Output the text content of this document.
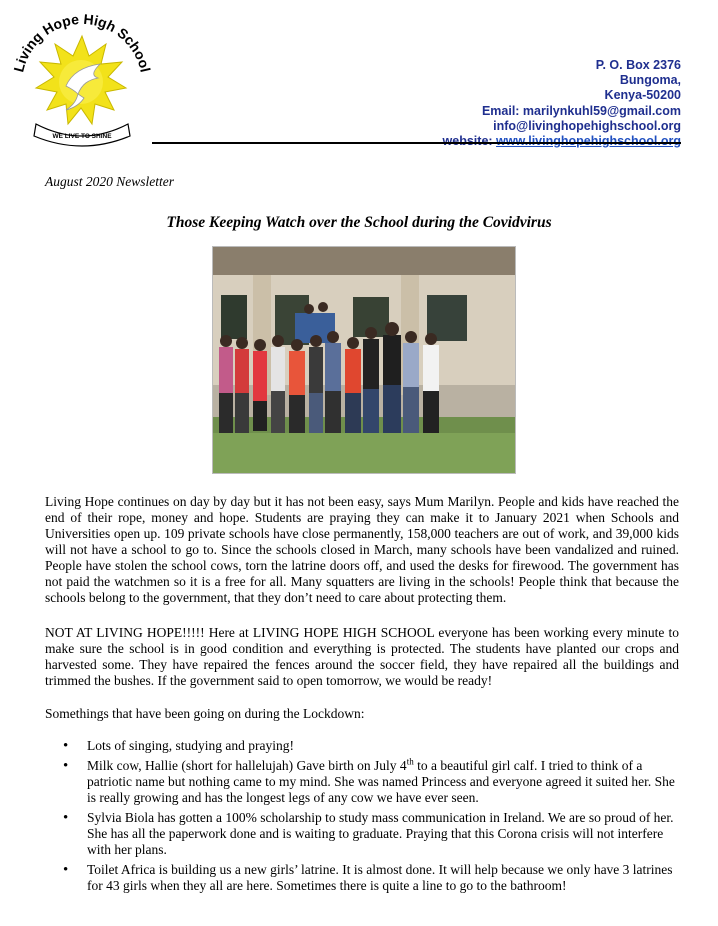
Living Hope High School
WE LIVE TO SHINE
P. O. Box 2376
Bungoma,
Kenya-50200
Email: marilynkuhl59@gmail.com
info@livinghopehighschool.org
August 2020 Newsletter
Those Keeping Watch over the School during the Covidvirus

Living Hope continues on day by day but it has not been easy, says Mum Marilyn. People and kids have reached the end of their rope, money and hope. Students are praying they can make it to January 2021 when Schools and Universities open up. 109 private schools have close permanently, 158,000 teachers are out of work, and 39,000 kids will not have a school to go to. Since the schools closed in March, many schools have been vandalized and ruined. People have stolen the school cows, torn the latrine doors off, and used the desks for firewood. The government has not paid the watchmen so it is a free for all. Many squatters are living in the schools! People think that because the schools belong to the government, that they don’t need to care about protecting them.

NOT AT LIVING HOPE!!!!! Here at LIVING HOPE HIGH SCHOOL everyone has been working every minute to make sure the school is in good condition and everything is protected. The students have planted our crops and harvested some. They have repaired the fences around the soccer field, they have repaired all the buildings and trimmed the bushes. If the government said to open tomorrow, we would be ready!

Somethings that have been going on during the Lockdown:

• Lots of singing, studying and praying!
• Milk cow, Hallie (short for hallelujah) Gave birth on July 4th to a beautiful girl calf. I tried to think of a patriotic name but nothing came to my mind. She was named Princess and everyone agreed it suited her. She is really growing and has the longest legs of any cow we have ever seen.
• Sylvia Biola has gotten a 100% scholarship to study mass communication in Ireland. We are so proud of her. She has all the paperwork done and is waiting to graduate. Praying that this Corona crisis will not interfere with her plans.
• Toilet Africa is building us a new girls’ latrine. It is almost done. It will help because we only have 3 latrines for 43 girls when they all are here. Sometimes there is quite a line to go to the bathroom!
